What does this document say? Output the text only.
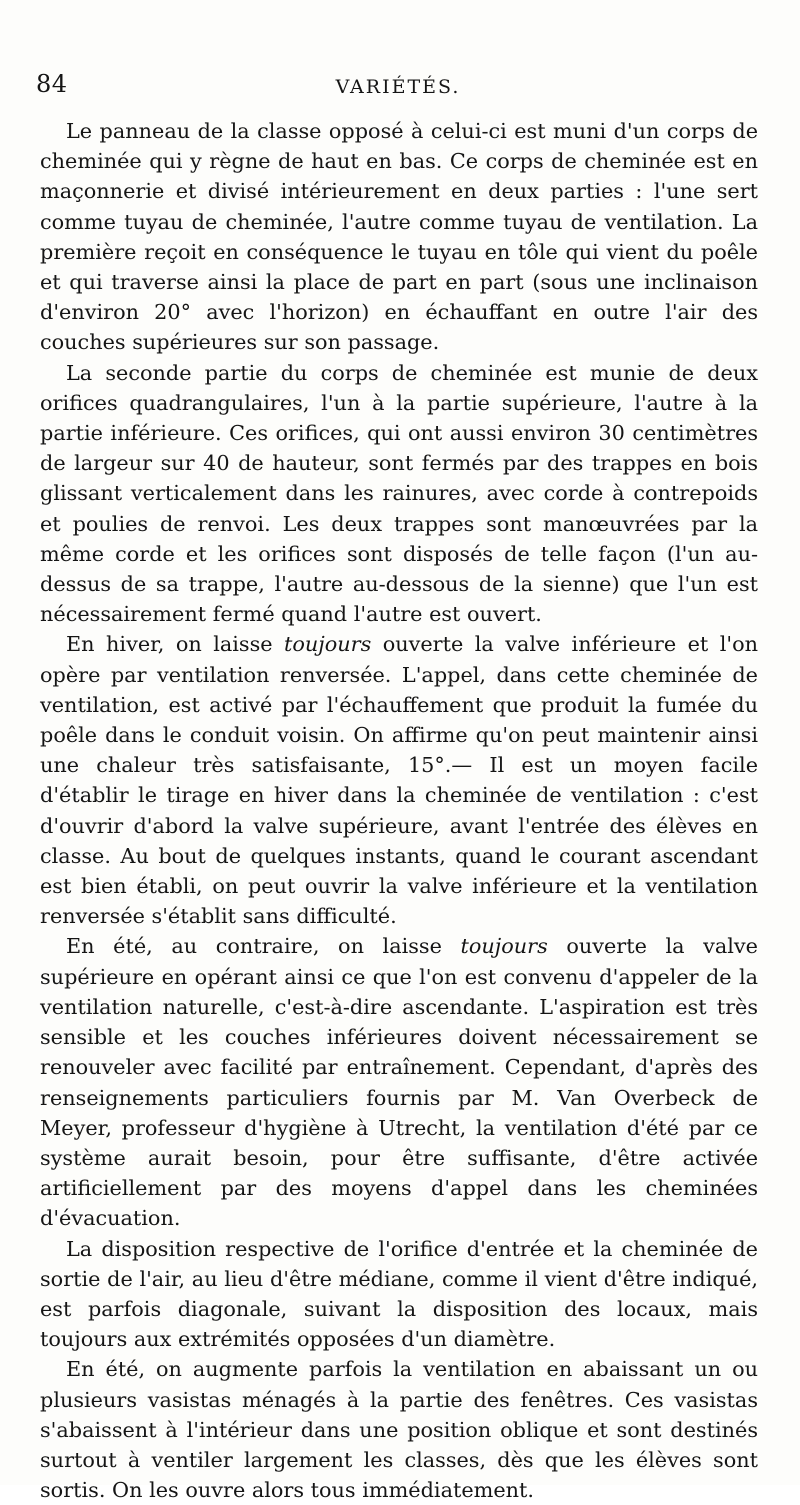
84	VARIÉTÉS.

Le panneau de la classe opposé à celui-ci est muni d'un corps de cheminée qui y règne de haut en bas. Ce corps de cheminée est en maçonnerie et divisé intérieurement en deux parties : l'une sert comme tuyau de cheminée, l'autre comme tuyau de ventilation. La première reçoit en conséquence le tuyau en tôle qui vient du poêle et qui traverse ainsi la place de part en part (sous une inclinaison d'environ 20° avec l'horizon) en échauffant en outre l'air des couches supérieures sur son passage.

La seconde partie du corps de cheminée est munie de deux orifices quadrangulaires, l'un à la partie supérieure, l'autre à la partie inférieure. Ces orifices, qui ont aussi environ 30 centimètres de largeur sur 40 de hauteur, sont fermés par des trappes en bois glissant verticalement dans les rainures, avec corde à contrepoids et poulies de renvoi. Les deux trappes sont manœuvrées par la même corde et les orifices sont disposés de telle façon (l'un au-dessus de sa trappe, l'autre au-dessous de la sienne) que l'un est nécessairement fermé quand l'autre est ouvert.

En hiver, on laisse toujours ouverte la valve inférieure et l'on opère par ventilation renversée. L'appel, dans cette cheminée de ventilation, est activé par l'échauffement que produit la fumée du poêle dans le conduit voisin. On affirme qu'on peut maintenir ainsi une chaleur très satisfaisante, 15°.— Il est un moyen facile d'établir le tirage en hiver dans la cheminée de ventilation : c'est d'ouvrir d'abord la valve supérieure, avant l'entrée des élèves en classe. Au bout de quelques instants, quand le courant ascendant est bien établi, on peut ouvrir la valve inférieure et la ventilation renversée s'établit sans difficulté.

En été, au contraire, on laisse toujours ouverte la valve supérieure en opérant ainsi ce que l'on est convenu d'appeler de la ventilation naturelle, c'est-à-dire ascendante. L'aspiration est très sensible et les couches inférieures doivent nécessairement se renouveler avec facilité par entraînement. Cependant, d'après des renseignements particuliers fournis par M. Van Overbeck de Meyer, professeur d'hygiène à Utrecht, la ventilation d'été par ce système aurait besoin, pour être suffisante, d'être activée artificiellement par des moyens d'appel dans les cheminées d'évacuation.

La disposition respective de l'orifice d'entrée et la cheminée de sortie de l'air, au lieu d'être médiane, comme il vient d'être indiqué, est parfois diagonale, suivant la disposition des locaux, mais toujours aux extrémités opposées d'un diamètre.

En été, on augmente parfois la ventilation en abaissant un ou plusieurs vasistas ménagés à la partie des fenêtres. Ces vasistas s'abaissent à l'intérieur dans une position oblique et sont destinés surtout à ventiler largement les classes, dès que les élèves sont sortis. On les ouvre alors tous immédiatement.
